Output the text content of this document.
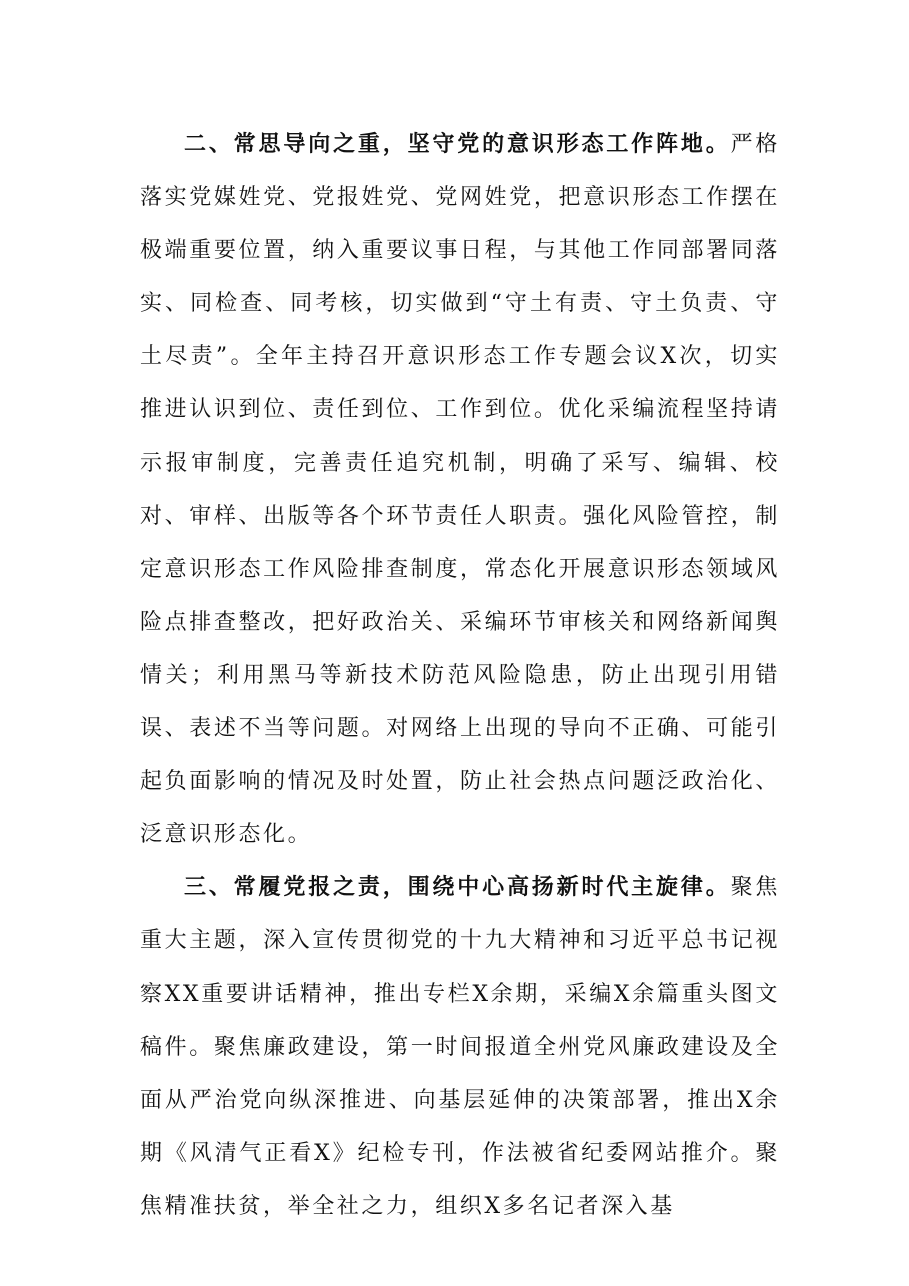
二、常思导向之重，坚守党的意识形态工作阵地。严格落实党媒姓党、党报姓党、党网姓党，把意识形态工作摆在极端重要位置，纳入重要议事日程，与其他工作同部署同落实、同检查、同考核，切实做到“守土有责、守土负责、守土尽责”。全年主持召开意识形态工作专题会议X次，切实推进认识到位、责任到位、工作到位。优化采编流程坚持请示报审制度，完善责任追究机制，明确了采写、编辑、校对、审样、出版等各个环节责任人职责。强化风险管控，制定意识形态工作风险排查制度，常态化开展意识形态领域风险点排查整改，把好政治关、采编环节审核关和网络新闻舆情关；利用黑马等新技术防范风险隐患，防止出现引用错误、表述不当等问题。对网络上出现的导向不正确、可能引起负面影响的情况及时处置，防止社会热点问题泛政治化、泛意识形态化。

三、常履党报之责，围绕中心高扬新时代主旋律。聚焦重大主题，深入宣传贯彻党的十九大精神和习近平总书记视察XX重要讲话精神，推出专栏X余期，采编X余篇重头图文稿件。聚焦廉政建设，第一时间报道全州党风廉政建设及全面从严治党向纵深推进、向基层延伸的决策部署，推出X余期《风清气正看X》纪检专刊，作法被省纪委网站推介。聚焦精准扶贫，举全社之力，组织X多名记者深入基
